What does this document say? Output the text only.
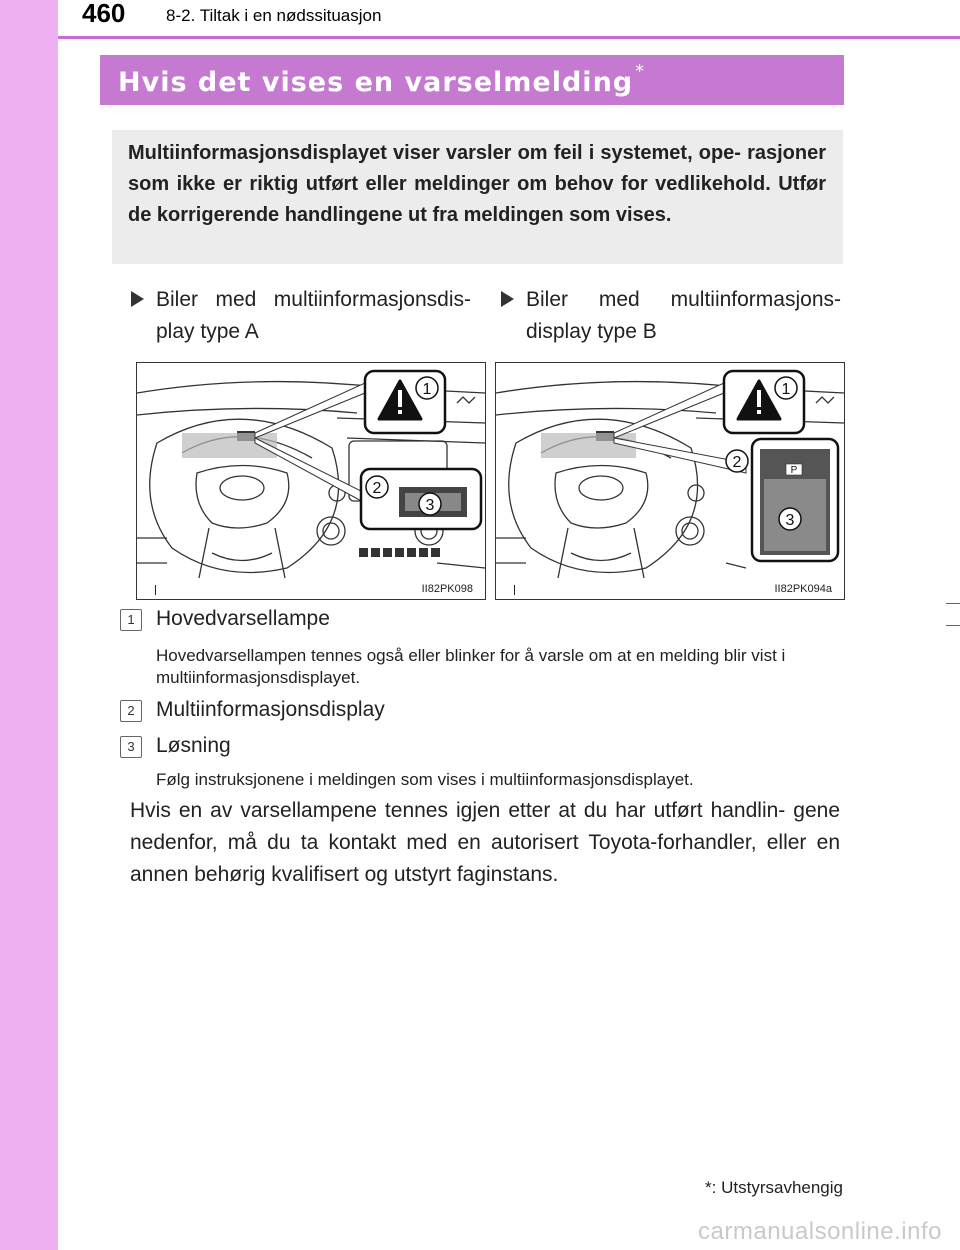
460 8-2. Tiltak i en nødssituasjon
Hvis det vises en varselmelding *

Multiinformasjonsdisplayet viser varsler om feil i systemet, ope- rasjoner som ikke er riktig utført eller meldinger om behov for vedlikehold. Utfør de korrigerende handlingene ut fra meldingen som vises.

Biler med multiinformasjonsdis- play type A
Biler med multiinformasjons- display type B
1
2
3
II82PK098
1
P
2
3
II82PK094a
1	Hovedvarsellampe

Hovedvarsellampen tennes også eller blinker for å varsle om at en melding blir vist i multiinformasjonsdisplayet.

2	Multiinformasjonsdisplay
3	Løsning

Følg instruksjonene i meldingen som vises i multiinformasjonsdisplayet.

Hvis en av varsellampene tennes igjen etter at du har utført handlin- gene nedenfor, må du ta kontakt med en autorisert Toyota-forhandler, eller en annen behørig kvalifisert og utstyrt faginstans.

*: Utstyrsavhengig
carmanualsonline.info
